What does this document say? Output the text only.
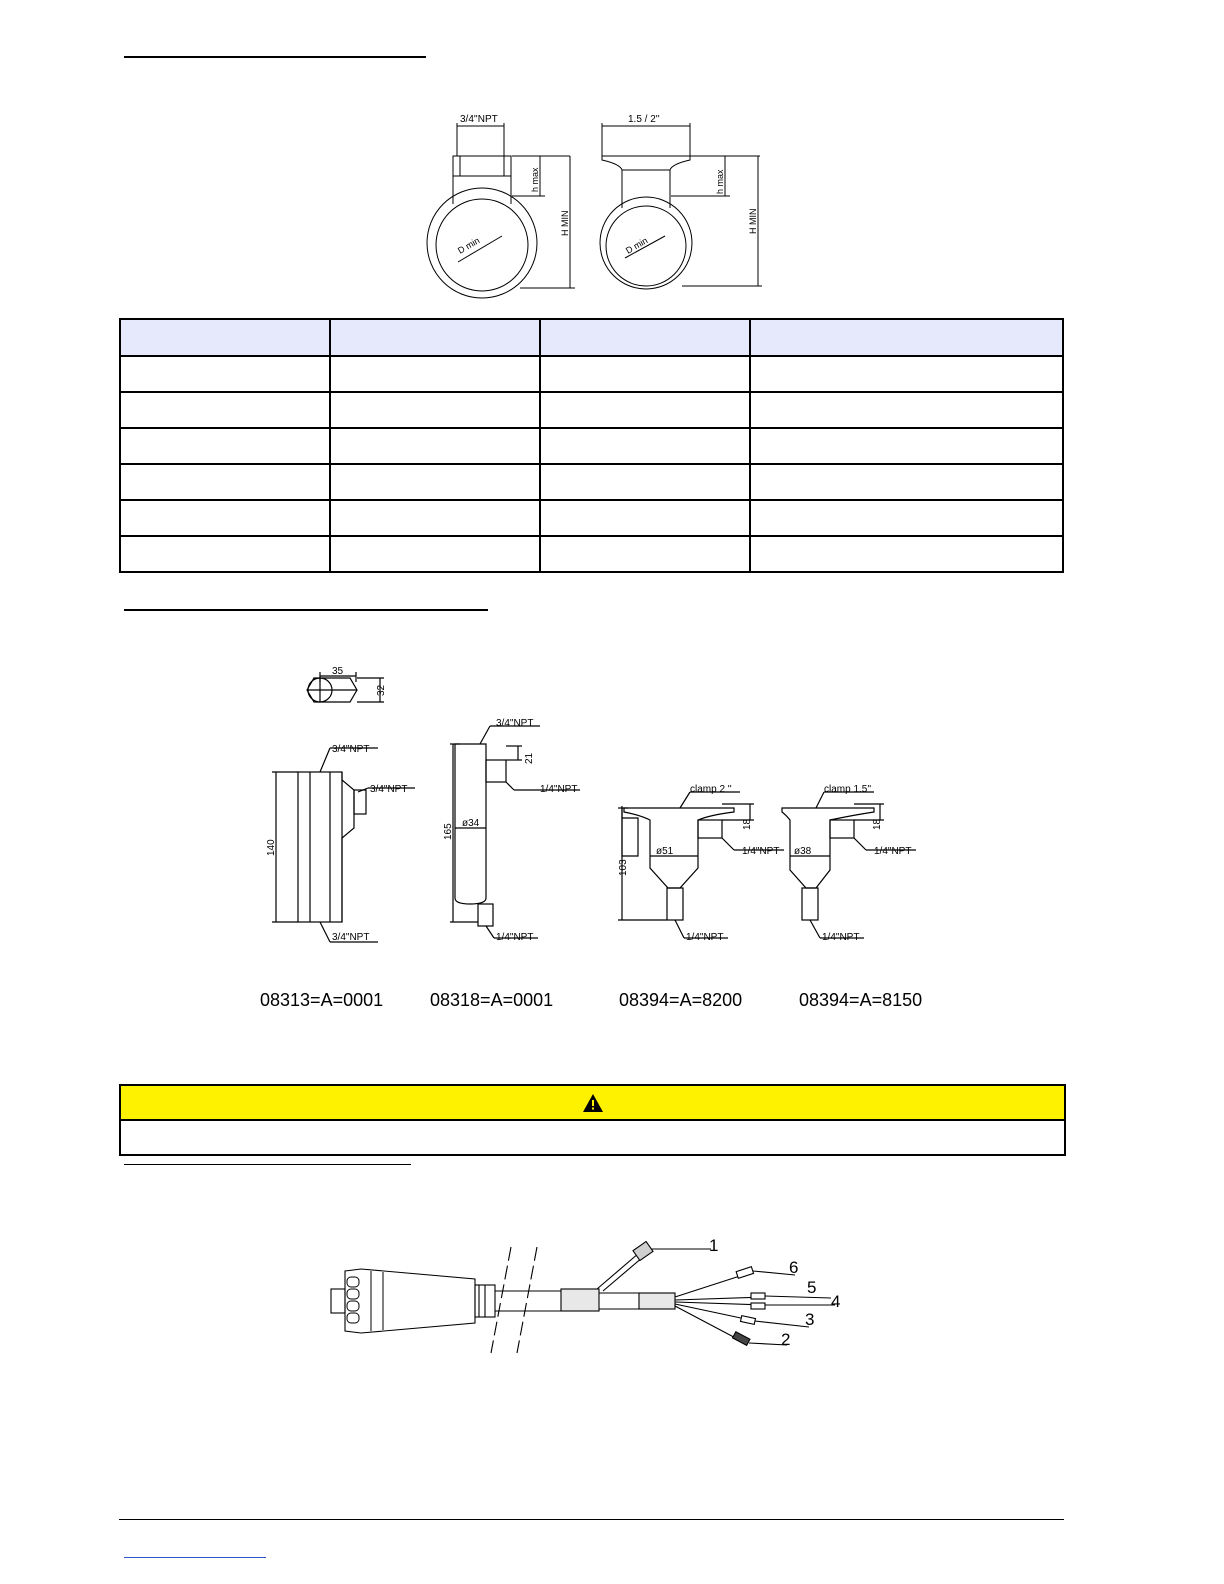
3/4''NPT	1.5 / 2''
h max
H MIN
D min
h max
H MIN
D min

35
32
3/4"NPT
3/4"NPT
3/4"NPT
140
3/4"NPT
21
1/4"NPT
165 ø34
1/4"NPT
clamp 2 ''
18
103
ø51	1/4"NPT
1/4"NPT
clamp 1.5''
18
ø38	1/4"NPT
1/4"NPT
08313=A=0001	08318=A=0001	08394=A=8200	08394=A=8150
1
6
5
4
3
2
